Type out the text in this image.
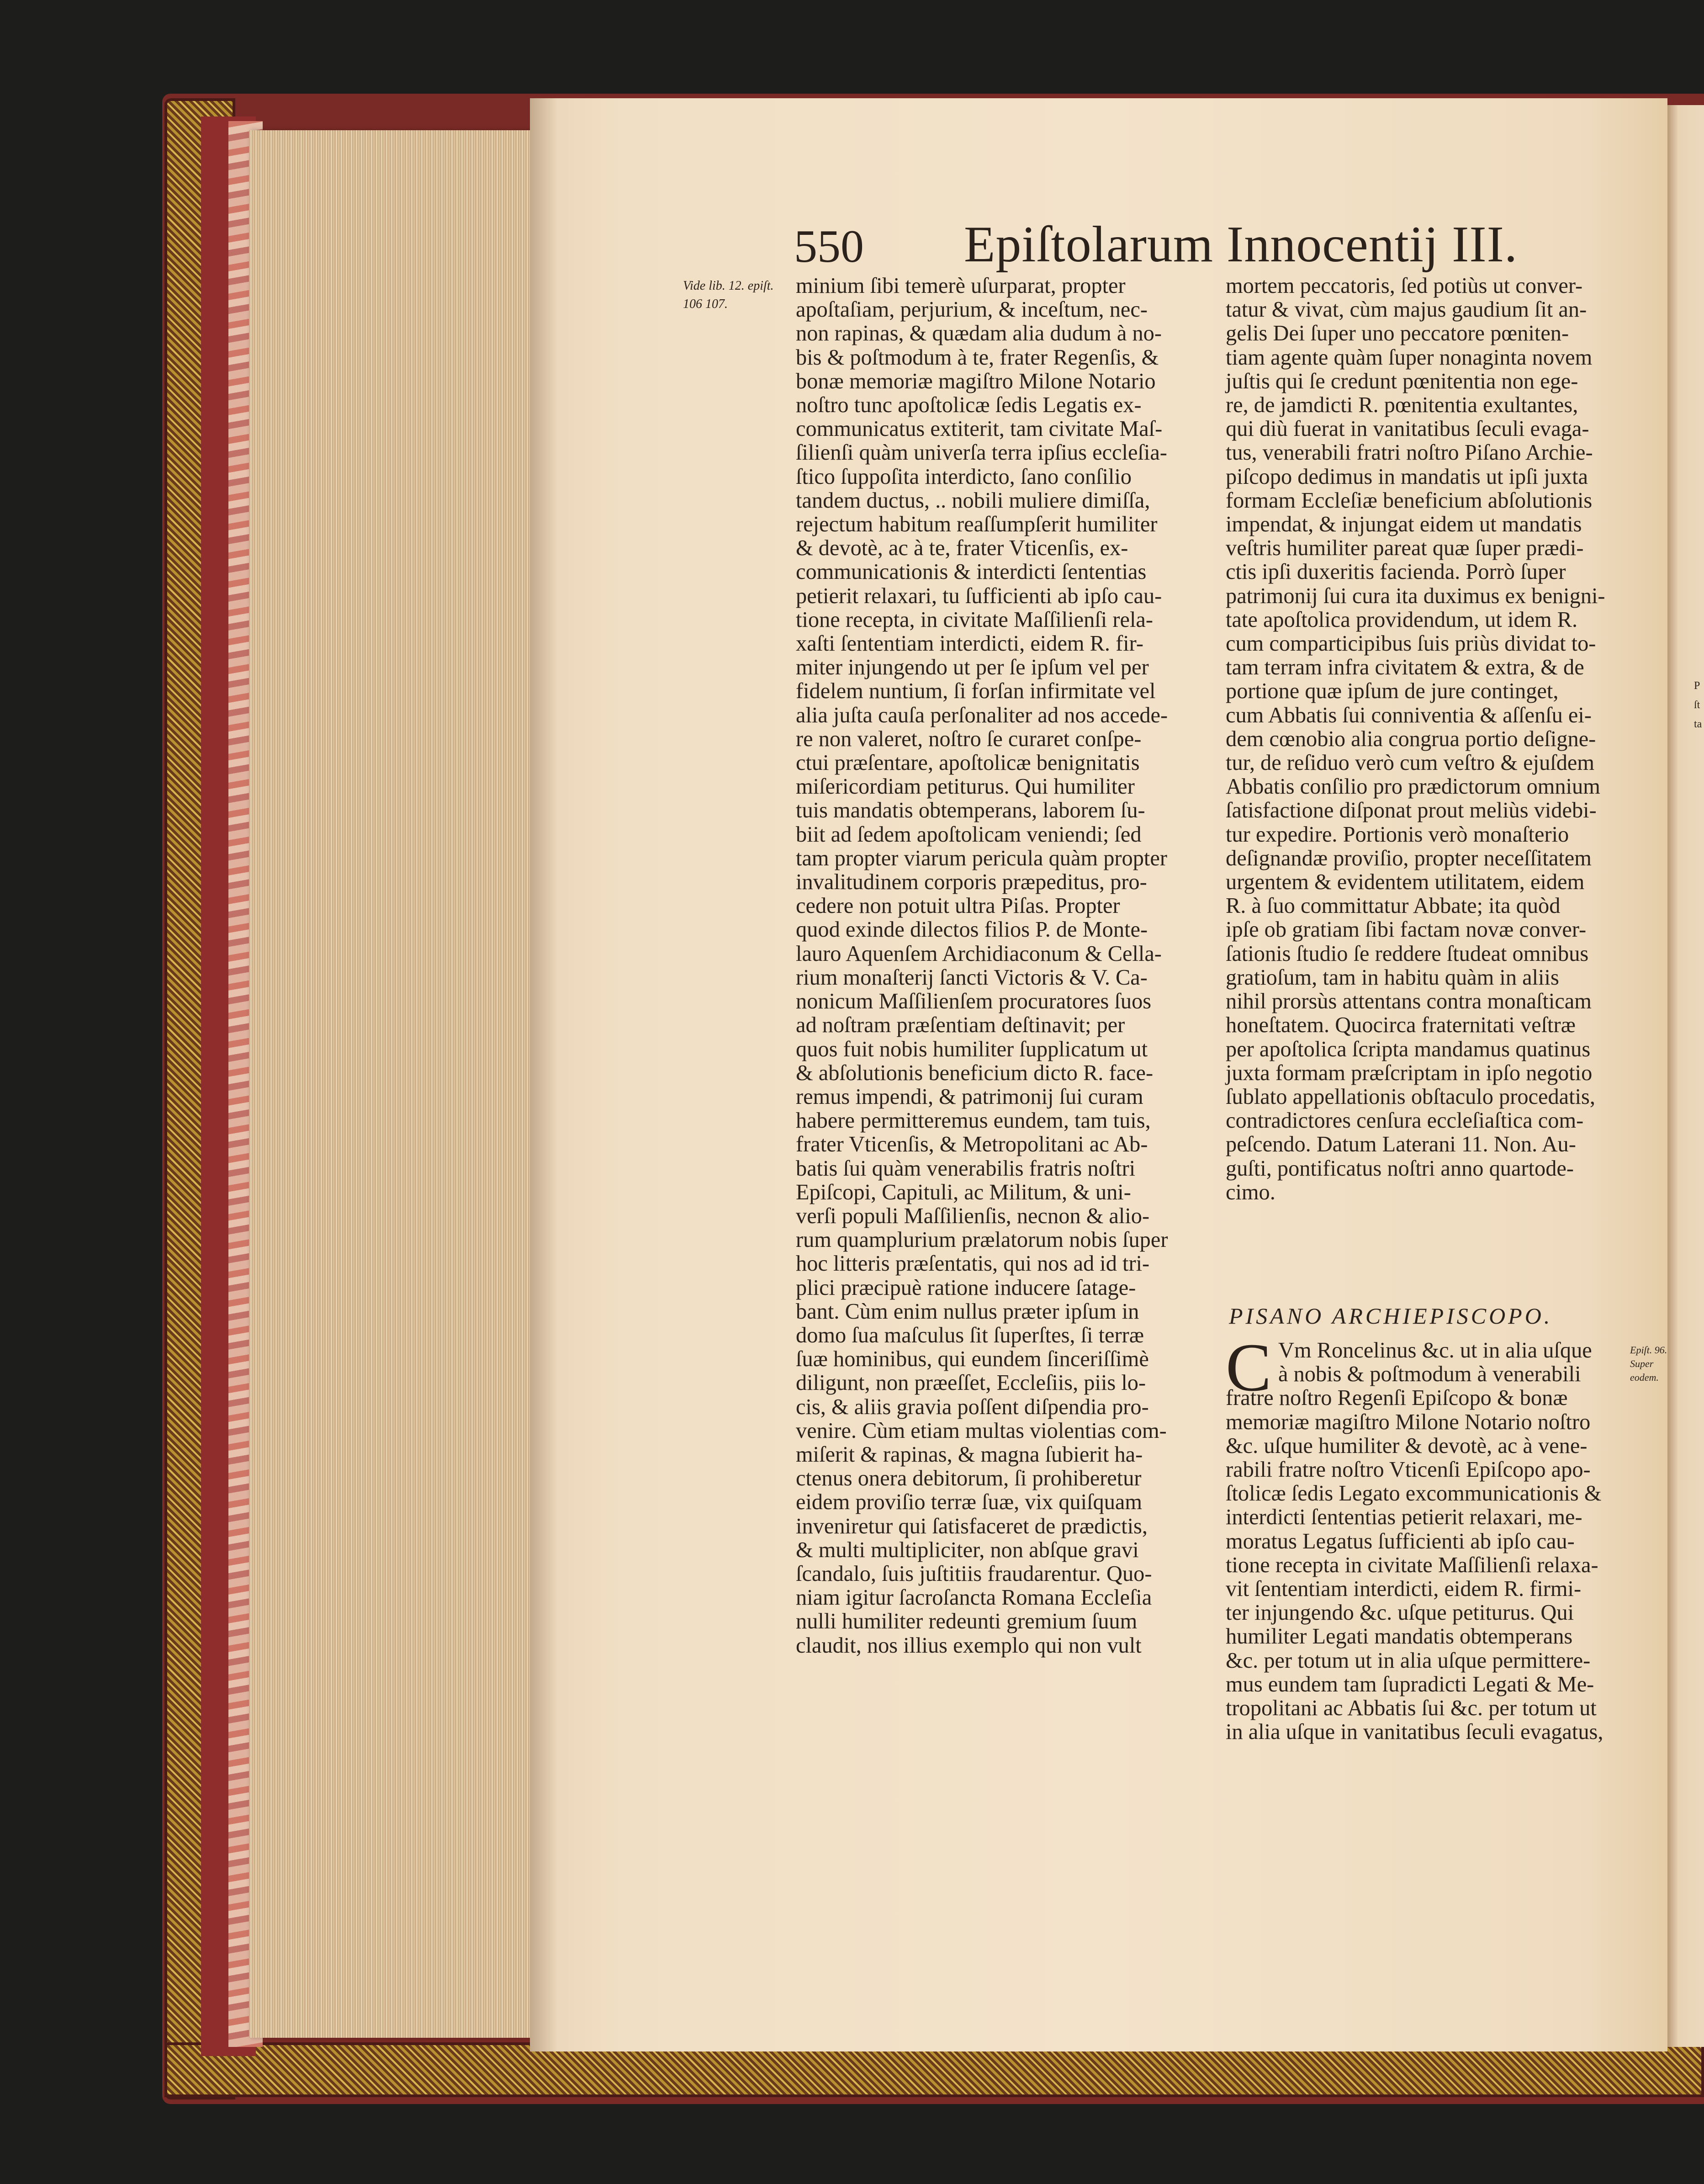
P ſt ta
550 Epiſtolarum Innocentij III.
Vide lib. 12. epiſt. 106 107.
minium ſibi temerè uſurparat, propter
apoſtaſiam, perjurium, & inceſtum, nec-
non rapinas, & quædam alia dudum à no-
bis & poſtmodum à te, frater Regenſis, &
bonæ memoriæ magiſtro Milone Notario
noſtro tunc apoſtolicæ ſedis Legatis ex-
communicatus extiterit, tam civitate Maſ-
ſilienſi quàm univerſa terra ipſius eccleſia-
ſtico ſuppoſita interdicto, ſano conſilio
tandem ductus, .. nobili muliere dimiſſa,
rejectum habitum reaſſumpſerit humiliter
& devotè, ac à te, frater Vticenſis, ex-
communicationis & interdicti ſententias
petierit relaxari, tu ſufficienti ab ipſo cau-
tione recepta, in civitate Maſſilienſi rela-
xaſti ſententiam interdicti, eidem R. fir-
miter injungendo ut per ſe ipſum vel per
fidelem nuntium, ſi forſan infirmitate vel
alia juſta cauſa perſonaliter ad nos accede-
re non valeret, noſtro ſe curaret conſpe-
ctui præſentare, apoſtolicæ benignitatis
miſericordiam petiturus. Qui humiliter
tuis mandatis obtemperans, laborem ſu-
biit ad ſedem apoſtolicam veniendi; ſed
tam propter viarum pericula quàm propter
invalitudinem corporis præpeditus, pro-
cedere non potuit ultra Piſas. Propter
quod exinde dilectos filios P. de Monte-
lauro Aquenſem Archidiaconum & Cella-
rium monaſterij ſancti Victoris & V. Ca-
nonicum Maſſilienſem procuratores ſuos
ad noſtram præſentiam deſtinavit; per
quos fuit nobis humiliter ſupplicatum ut
& abſolutionis beneficium dicto R. face-
remus impendi, & patrimonij ſui curam
habere permitteremus eundem, tam tuis,
frater Vticenſis, & Metropolitani ac Ab-
batis ſui quàm venerabilis fratris noſtri
Epiſcopi, Capituli, ac Militum, & uni-
verſi populi Maſſilienſis, necnon & alio-
rum quamplurium prælatorum nobis ſuper
hoc litteris præſentatis, qui nos ad id tri-
plici præcipuè ratione inducere ſatage-
bant. Cùm enim nullus præter ipſum in
domo ſua maſculus ſit ſuperſtes, ſi terræ
ſuæ hominibus, qui eundem ſinceriſſimè
diligunt, non præeſſet, Eccleſiis, piis lo-
cis, & aliis gravia poſſent diſpendia pro-
venire. Cùm etiam multas violentias com-
miſerit & rapinas, & magna ſubierit ha-
ctenus onera debitorum, ſi prohiberetur
eidem proviſio terræ ſuæ, vix quiſquam
inveniretur qui ſatisfaceret de prædictis,
& multi multipliciter, non abſque gravi
ſcandalo, ſuis juſtitiis fraudarentur. Quo-
niam igitur ſacroſancta Romana Eccleſia
nulli humiliter redeunti gremium ſuum
claudit, nos illius exemplo qui non vult
mortem peccatoris, ſed potiùs ut conver-
tatur & vivat, cùm majus gaudium ſit an-
gelis Dei ſuper uno peccatore pœniten-
tiam agente quàm ſuper nonaginta novem
juſtis qui ſe credunt pœnitentia non ege-
re, de jamdicti R. pœnitentia exultantes,
qui diù fuerat in vanitatibus ſeculi evaga-
tus, venerabili fratri noſtro Piſano Archie-
piſcopo dedimus in mandatis ut ipſi juxta
formam Eccleſiæ beneficium abſolutionis
impendat, & injungat eidem ut mandatis
veſtris humiliter pareat quæ ſuper prædi-
ctis ipſi duxeritis facienda. Porrò ſuper
patrimonij ſui cura ita duximus ex benigni-
tate apoſtolica providendum, ut idem R.
cum comparticipibus ſuis priùs dividat to-
tam terram infra civitatem & extra, & de
portione quæ ipſum de jure continget,
cum Abbatis ſui conniventia & aſſenſu ei-
dem cœnobio alia congrua portio deſigne-
tur, de reſiduo verò cum veſtro & ejuſdem
Abbatis conſilio pro prædictorum omnium
ſatisfactione diſponat prout meliùs videbi-
tur expedire. Portionis verò monaſterio
deſignandæ proviſio, propter neceſſitatem
urgentem & evidentem utilitatem, eidem
R. à ſuo committatur Abbate; ita quòd
ipſe ob gratiam ſibi factam novæ conver-
ſationis ſtudio ſe reddere ſtudeat omnibus
gratioſum, tam in habitu quàm in aliis
nihil prorsùs attentans contra monaſticam
honeſtatem. Quocirca fraternitati veſtræ
per apoſtolica ſcripta mandamus quatinus
juxta formam præſcriptam in ipſo negotio
ſublato appellationis obſtaculo procedatis,
contradictores cenſura eccleſiaſtica com-
peſcendo. Datum Laterani 11. Non. Au-
guſti, pontificatus noſtri anno quartode-
cimo.
PISANO ARCHIEPISCOPO.
C Vm Roncelinus &c. ut in alia uſque
à nobis & poſtmodum à venerabili
fratre noſtro Regenſi Epiſcopo & bonæ
memoriæ magiſtro Milone Notario noſtro
&c. uſque humiliter & devotè, ac à vene-
rabili fratre noſtro Vticenſi Epiſcopo apo-
ſtolicæ ſedis Legato excommunicationis &
interdicti ſententias petierit relaxari, me-
moratus Legatus ſufficienti ab ipſo cau-
tione recepta in civitate Maſſilienſi relaxa-
vit ſententiam interdicti, eidem R. firmi-
ter injungendo &c. uſque petiturus. Qui
humiliter Legati mandatis obtemperans
&c. per totum ut in alia uſque permittere-
mus eundem tam ſupradicti Legati & Me-
tropolitani ac Abbatis ſui &c. per totum ut
in alia uſque in vanitatibus ſeculi evagatus,
Epiſt. 96. Super eodem.
